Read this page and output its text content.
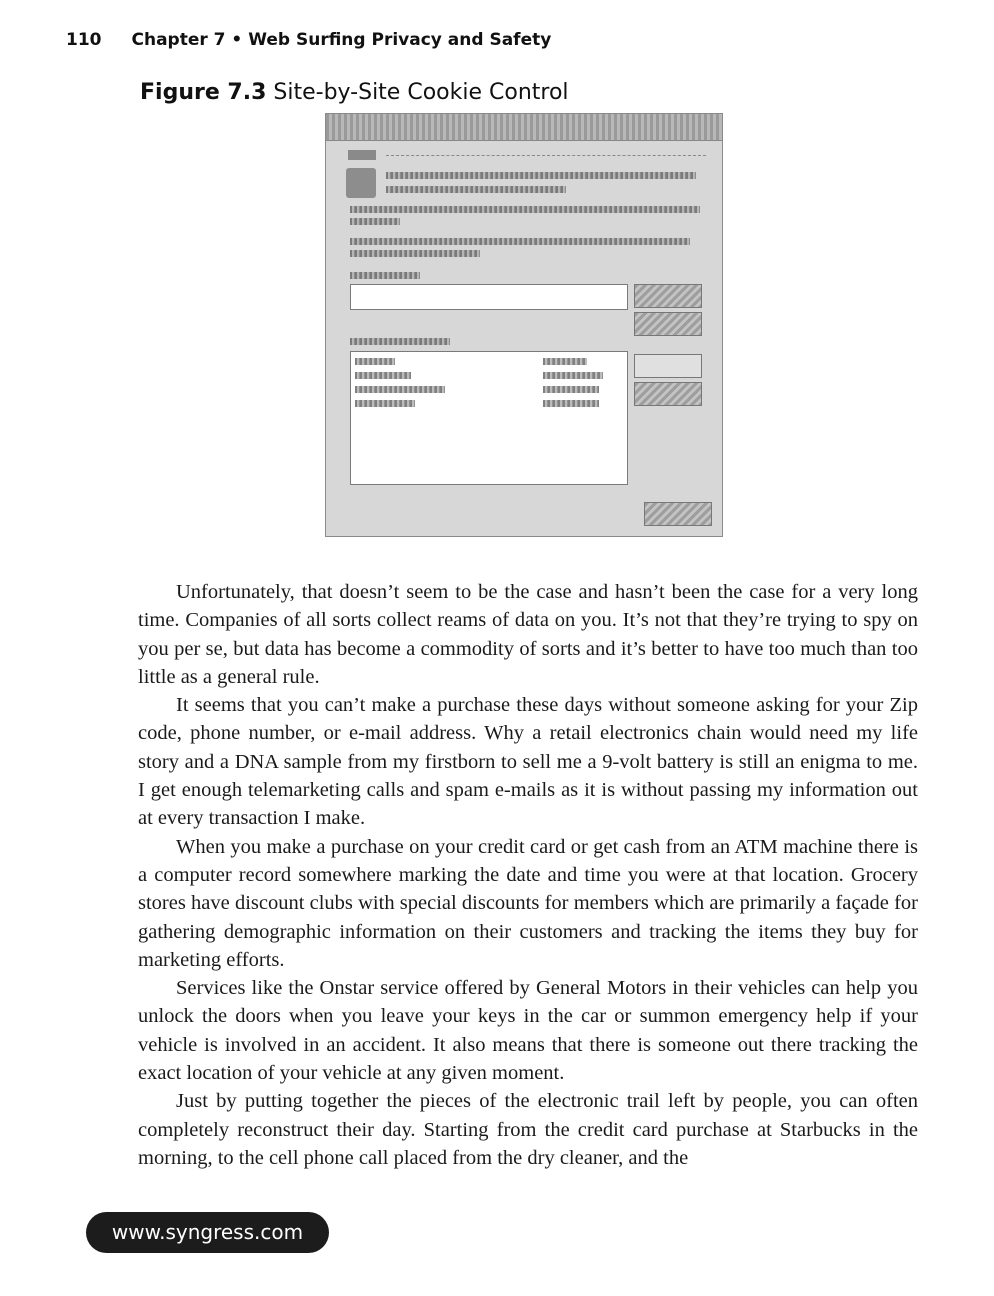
110 Chapter 7 • Web Surfing Privacy and Safety
Figure 7.3 Site-by-Site Cookie Control

Unfortunately, that doesn’t seem to be the case and hasn’t been the case for a very long time. Companies of all sorts collect reams of data on you. It’s not that they’re trying to spy on you per se, but data has become a commodity of sorts and it’s better to have too much than too little as a general rule.

It seems that you can’t make a purchase these days without someone asking for your Zip code, phone number, or e-mail address. Why a retail electronics chain would need my life story and a DNA sample from my firstborn to sell me a 9-volt battery is still an enigma to me. I get enough telemarketing calls and spam e-mails as it is without passing my information out at every transaction I make.

When you make a purchase on your credit card or get cash from an ATM machine there is a computer record somewhere marking the date and time you were at that location. Grocery stores have discount clubs with special discounts for members which are primarily a façade for gathering demographic information on their customers and tracking the items they buy for marketing efforts.

Services like the Onstar service offered by General Motors in their vehicles can help you unlock the doors when you leave your keys in the car or summon emergency help if your vehicle is involved in an accident. It also means that there is someone out there tracking the exact location of your vehicle at any given moment.

Just by putting together the pieces of the electronic trail left by people, you can often completely reconstruct their day. Starting from the credit card purchase at Starbucks in the morning, to the cell phone call placed from the dry cleaner, and the

www.syngress.com
